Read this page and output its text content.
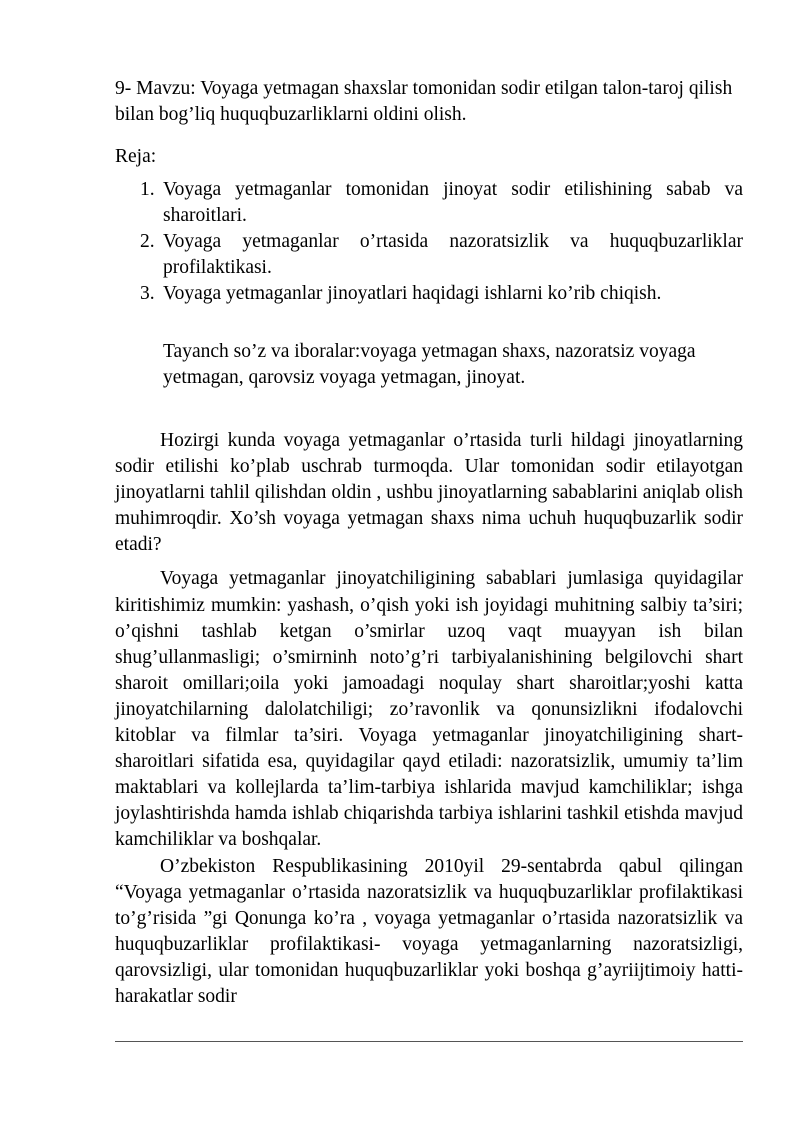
9- Mavzu: Voyaga yetmagan shaxslar tomonidan sodir etilgan talon-taroj qilish bilan bog’liq huquqbuzarliklarni oldini olish.

Reja:

1. Voyaga yetmaganlar tomonidan jinoyat sodir etilishining sabab va sharoitlari.
2. Voyaga yetmaganlar o’rtasida nazoratsizlik va huquqbuzarliklar profilaktikasi.
3. Voyaga yetmaganlar jinoyatlari haqidagi ishlarni ko’rib chiqish.

Tayanch so’z va iboralar:voyaga yetmagan shaxs, nazoratsiz voyaga yetmagan, qarovsiz voyaga yetmagan, jinoyat.

Hozirgi kunda voyaga yetmaganlar o’rtasida turli hildagi jinoyatlarning sodir etilishi ko’plab uschrab turmoqda. Ular tomonidan sodir etilayotgan jinoyatlarni tahlil qilishdan oldin , ushbu jinoyatlarning sabablarini aniqlab olish muhimroqdir. Xo’sh voyaga yetmagan shaxs nima uchuh huquqbuzarlik sodir etadi?

Voyaga yetmaganlar jinoyatchiligining sabablari jumlasiga quyidagilar kiritishimiz mumkin: yashash, o’qish yoki ish joyidagi muhitning salbiy ta’siri; o’qishni tashlab ketgan o’smirlar uzoq vaqt muayyan ish bilan shug’ullanmasligi; o’smirninh noto’g’ri tarbiyalanishining belgilovchi shart sharoit omillari;oila yoki jamoadagi noqulay shart sharoitlar;yoshi katta jinoyatchilarning dalolatchiligi; zo’ravonlik va qonunsizlikni ifodalovchi kitoblar va filmlar ta’siri. Voyaga yetmaganlar jinoyatchiligining shart-sharoitlari sifatida esa, quyidagilar qayd etiladi: nazoratsizlik, umumiy ta’lim maktablari va kollejlarda ta’lim-tarbiya ishlarida mavjud kamchiliklar; ishga joylashtirishda hamda ishlab chiqarishda tarbiya ishlarini tashkil etishda mavjud kamchiliklar va boshqalar.

O’zbekiston Respublikasining 2010yil 29-sentabrda qabul qilingan “Voyaga yetmaganlar o’rtasida nazoratsizlik va huquqbuzarliklar profilaktikasi to’g’risida ”gi Qonunga ko’ra , voyaga yetmaganlar o’rtasida nazoratsizlik va huquqbuzarliklar profilaktikasi- voyaga yetmaganlarning nazoratsizligi, qarovsizligi, ular tomonidan huquqbuzarliklar yoki boshqa g’ayriijtimoiy hatti-harakatlar sodir
